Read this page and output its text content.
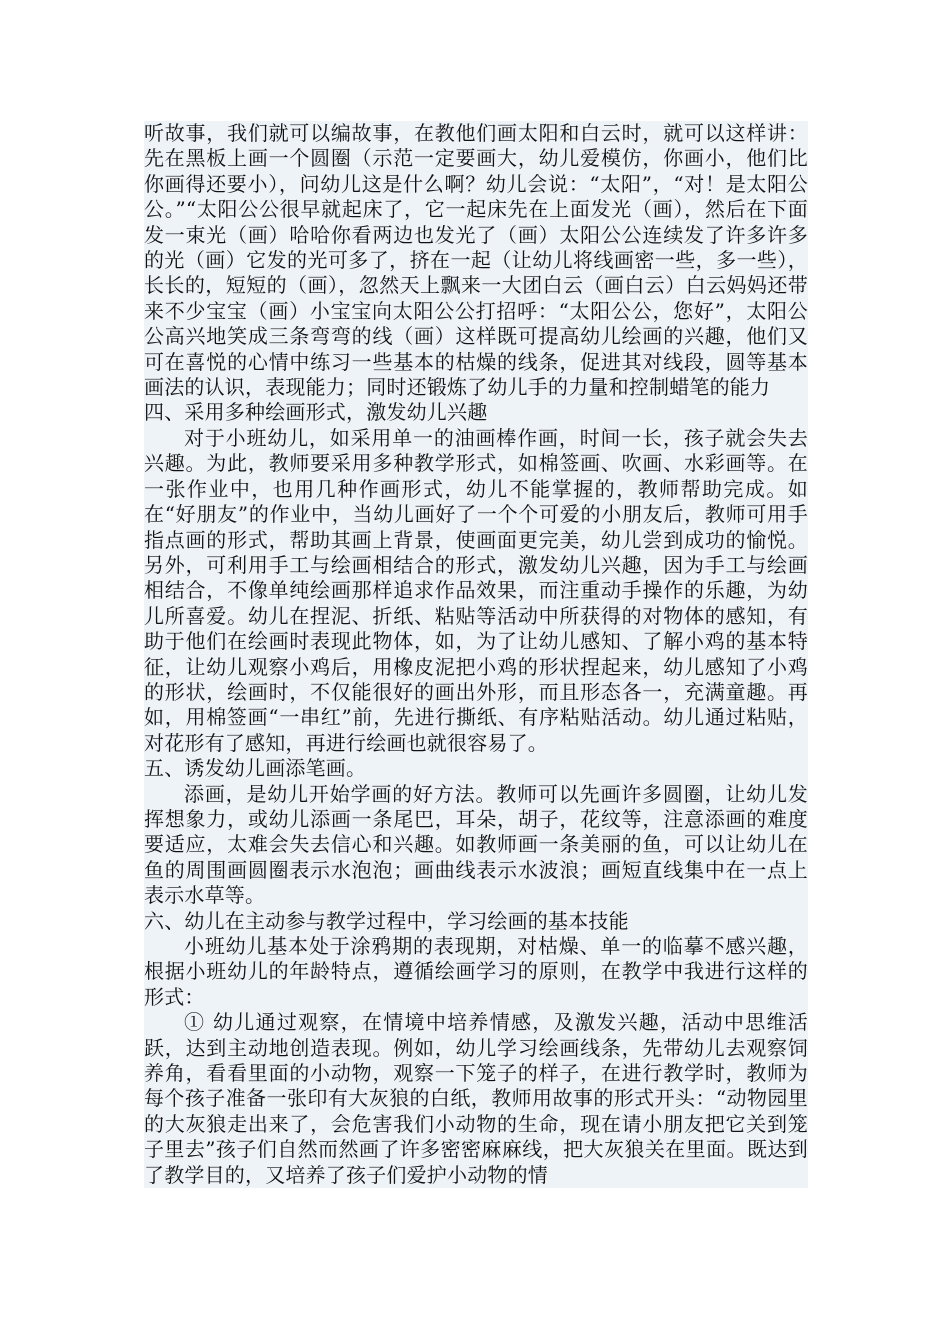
听故事，我们就可以编故事，在教他们画太阳和白云时，就可以这样讲：先在黑板上画一个圆圈（示范一定要画大，幼儿爱模仿，你画小，他们比你画得还要小），问幼儿这是什么啊？幼儿会说：“太阳”，“对！是太阳公公。”“太阳公公很早就起床了，它一起床先在上面发光（画），然后在下面发一束光（画）哈哈你看两边也发光了（画）太阳公公连续发了许多许多的光（画）它发的光可多了，挤在一起（让幼儿将线画密一些，多一些），长长的，短短的（画），忽然天上飘来一大团白云（画白云）白云妈妈还带来不少宝宝（画）小宝宝向太阳公公打招呼：“太阳公公，您好”，太阳公公高兴地笑成三条弯弯的线（画）这样既可提高幼儿绘画的兴趣，他们又可在喜悦的心情中练习一些基本的枯燥的线条，促进其对线段，圆等基本画法的认识，表现能力；同时还锻炼了幼儿手的力量和控制蜡笔的能力

四、采用多种绘画形式，激发幼儿兴趣

对于小班幼儿，如采用单一的油画棒作画，时间一长，孩子就会失去兴趣。为此，教师要采用多种教学形式，如棉签画、吹画、水彩画等。在一张作业中，也用几种作画形式，幼儿不能掌握的，教师帮助完成。如在“好朋友”的作业中，当幼儿画好了一个个可爱的小朋友后，教师可用手指点画的形式，帮助其画上背景，使画面更完美，幼儿尝到成功的愉悦。另外，可利用手工与绘画相结合的形式，激发幼儿兴趣，因为手工与绘画相结合，不像单纯绘画那样追求作品效果，而注重动手操作的乐趣，为幼儿所喜爱。幼儿在捏泥、折纸、粘贴等活动中所获得的对物体的感知，有助于他们在绘画时表现此物体，如，为了让幼儿感知、了解小鸡的基本特征，让幼儿观察小鸡后，用橡皮泥把小鸡的形状捏起来，幼儿感知了小鸡的形状，绘画时，不仅能很好的画出外形，而且形态各一，充满童趣。再如，用棉签画“一串红”前，先进行撕纸、有序粘贴活动。幼儿通过粘贴，对花形有了感知，再进行绘画也就很容易了。

五、诱发幼儿画添笔画。

添画，是幼儿开始学画的好方法。教师可以先画许多圆圈，让幼儿发挥想象力，或幼儿添画一条尾巴，耳朵，胡子，花纹等，注意添画的难度要适应，太难会失去信心和兴趣。如教师画一条美丽的鱼，可以让幼儿在鱼的周围画圆圈表示水泡泡；画曲线表示水波浪；画短直线集中在一点上表示水草等。

六、幼儿在主动参与教学过程中，学习绘画的基本技能

小班幼儿基本处于涂鸦期的表现期，对枯燥、单一的临摹不感兴趣，根据小班幼儿的年龄特点，遵循绘画学习的原则，在教学中我进行这样的形式：

① 幼儿通过观察，在情境中培养情感，及激发兴趣，活动中思维活跃，达到主动地创造表现。例如，幼儿学习绘画线条，先带幼儿去观察饲养角，看看里面的小动物，观察一下笼子的样子，在进行教学时，教师为每个孩子准备一张印有大灰狼的白纸，教师用故事的形式开头：“动物园里的大灰狼走出来了，会危害我们小动物的生命，现在请小朋友把它关到笼子里去”孩子们自然而然画了许多密密麻麻线，把大灰狼关在里面。既达到了教学目的，又培养了孩子们爱护小动物的情
